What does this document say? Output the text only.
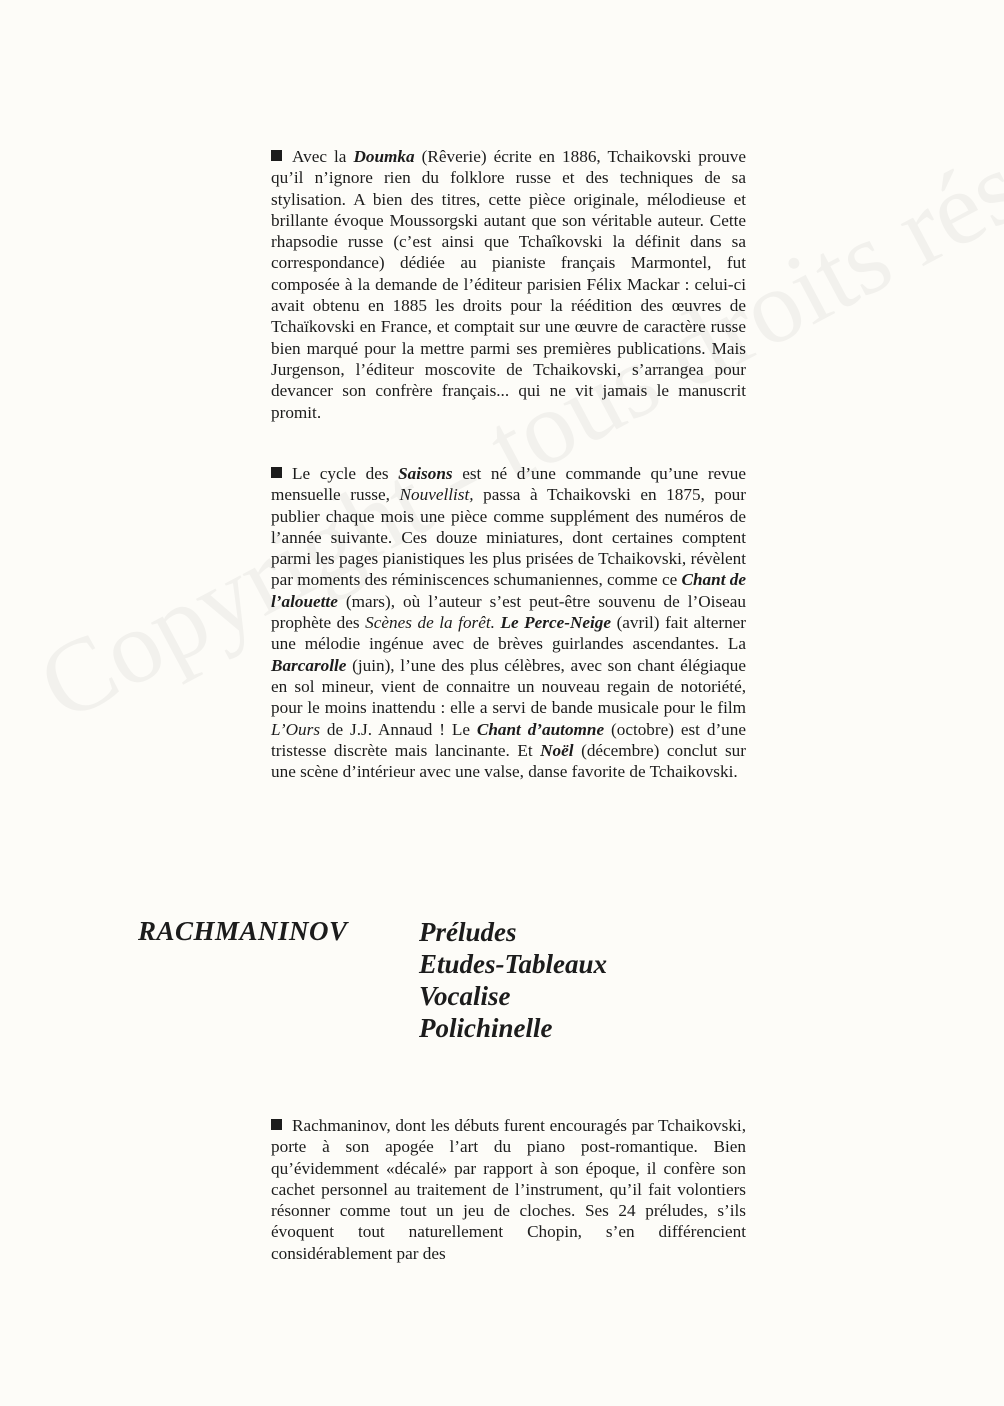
Avec la Doumka (Rêverie) écrite en 1886, Tchaikovski prouve qu’il n’ignore rien du folklore russe et des techniques de sa stylisation. A bien des titres, cette pièce originale, mélodieuse et brillante évoque Moussorgski autant que son véritable auteur. Cette rhapsodie russe (c’est ainsi que Tchaîkovski la définit dans sa correspondance) dédiée au pianiste français Marmontel, fut composée à la demande de l’éditeur parisien Félix Mackar : celui-ci avait obtenu en 1885 les droits pour la réédition des œuvres de Tchaïkovski en France, et comptait sur une œuvre de caractère russe bien marqué pour la mettre parmi ses premières publications. Mais Jurgenson, l’éditeur moscovite de Tchaikovski, s’arrangea pour devancer son confrère français... qui ne vit jamais le manuscrit promit.

Le cycle des Saisons est né d’une commande qu’une revue mensuelle russe, Nouvellist, passa à Tchaikovski en 1875, pour publier chaque mois une pièce comme supplément des numéros de l’année suivante. Ces douze miniatures, dont certaines comptent parmi les pages pianistiques les plus prisées de Tchaikovski, révèlent par moments des réminiscences schumaniennes, comme ce Chant de l’alouette (mars), où l’auteur s’est peut-être souvenu de l’Oiseau prophète des Scènes de la forêt. Le Perce-Neige (avril) fait alterner une mélodie ingénue avec de brèves guirlandes ascendantes. La Barcarolle (juin), l’une des plus célèbres, avec son chant élégiaque en sol mineur, vient de connaitre un nouveau regain de notoriété, pour le moins inattendu : elle a servi de bande musicale pour le film L’Ours de J.J. Annaud ! Le Chant d’automne (octobre) est d’une tristesse discrète mais lancinante. Et Noël (décembre) conclut sur une scène d’intérieur avec une valse, danse favorite de Tchaikovski.

RACHMANINOV	Préludes
Etudes-Tableaux
Vocalise
Polichinelle

Rachmaninov, dont les débuts furent encouragés par Tchaikovski, porte à son apogée l’art du piano post-romantique. Bien qu’évidemment «décalé» par rapport à son époque, il confère son cachet personnel au traitement de l’instrument, qu’il fait volontiers résonner comme tout un jeu de cloches. Ses 24 préludes, s’ils évoquent tout naturellement Chopin, s’en différencient considérablement par des
